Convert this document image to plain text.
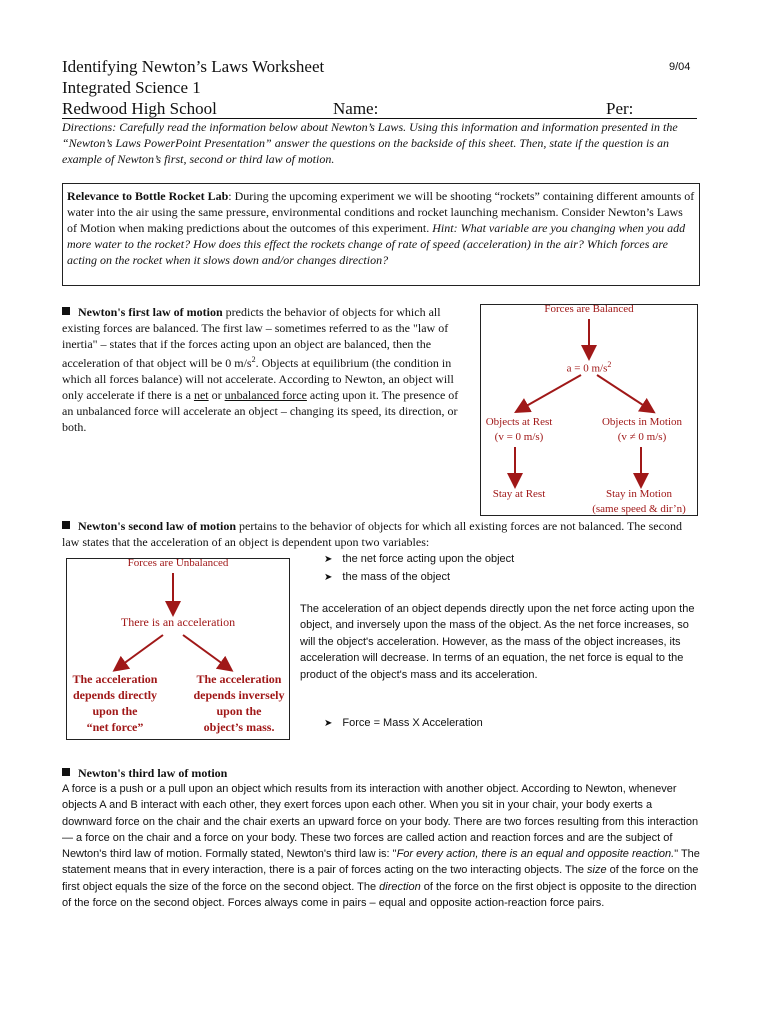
Identifying Newton’s Laws Worksheet	9/04
Integrated Science 1
Redwood High School	Name:	Per:
Directions: Carefully read the information below about Newton’s Laws. Using this information and information presented in the “Newton’s Laws PowerPoint Presentation” answer the questions on the backside of this sheet. Then, state if the question is an example of Newton’s first, second or third law of motion.
Relevance to Bottle Rocket Lab: During the upcoming experiment we will be shooting “rockets” containing different amounts of water into the air using the same pressure, environmental conditions and rocket launching mechanism. Consider Newton’s Laws of Motion when making predictions about the outcomes of this experiment. Hint: What variable are you changing when you add more water to the rocket? How does this effect the rockets change of rate of speed (acceleration) in the air? Which forces are acting on the rocket when it slows down and/or changes direction?
Newton's first law of motion predicts the behavior of objects for which all existing forces are balanced. The first law – sometimes referred to as the "law of inertia" – states that if the forces acting upon an object are balanced, then the acceleration of that object will be 0 $m/s^2$. Objects at equilibrium (the condition in which all forces balance) will not accelerate. According to Newton, an object will only accelerate if there is a net or unbalanced force acting upon it. The presence of an unbalanced force will accelerate an object – changing its speed, its direction, or both.
Forces are Balanced
a = 0 $m/s^2$
Objects at Rest
(v = 0 m/s)
Objects in Motion
(v ≠ 0 m/s)
Stay at Rest	Stay in Motion
(same speed & dir’n)
Newton's second law of motion pertains to the behavior of objects for which all existing forces are not balanced. The second law states that the acceleration of an object is dependent upon two variables:
➤ the net force acting upon the object
➤ the mass of the object
The acceleration of an object depends directly upon the net force acting upon the object, and inversely upon the mass of the object. As the net force increases, so will the object's acceleration. However, as the mass of the object increases, its acceleration will decrease. In terms of an equation, the net force is equal to the product of the object's mass and its acceleration.
➤ Force = Mass X Acceleration
Forces are Unbalanced
There is an acceleration
The acceleration
depends directly
upon the
“net force”
The acceleration
depends inversely
upon the
object’s mass.
Newton's third law of motion
A force is a push or a pull upon an object which results from its interaction with another object. According to Newton, whenever objects A and B interact with each other, they exert forces upon each other. When you sit in your chair, your body exerts a downward force on the chair and the chair exerts an upward force on your body. There are two forces resulting from this interaction — a force on the chair and a force on your body. These two forces are called action and reaction forces and are the subject of Newton's third law of motion. Formally stated, Newton's third law is: "For every action, there is an equal and opposite reaction." The statement means that in every interaction, there is a pair of forces acting on the two interacting objects. The size of the force on the first object equals the size of the force on the second object. The direction of the force on the first object is opposite to the direction of the force on the second object. Forces always come in pairs – equal and opposite action-reaction force pairs.
